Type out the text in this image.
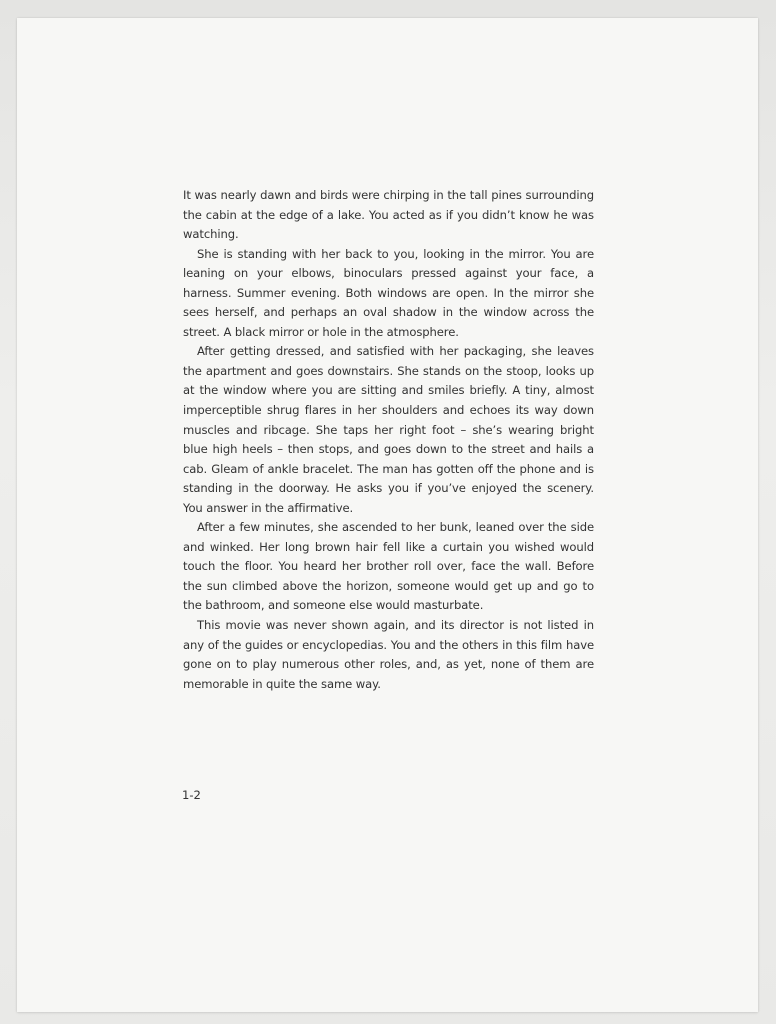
It was nearly dawn and birds were chirping in the tall pines surrounding the cabin at the edge of a lake. You acted as if you didn’t know he was watching.

She is standing with her back to you, looking in the mirror. You are leaning on your elbows, binoculars pressed against your face, a harness. Summer evening. Both windows are open. In the mirror she sees herself, and perhaps an oval shadow in the window across the street. A black mirror or hole in the atmosphere.

After getting dressed, and satisfied with her packaging, she leaves the apartment and goes downstairs. She stands on the stoop, looks up at the window where you are sitting and smiles briefly. A tiny, almost imperceptible shrug flares in her shoulders and echoes its way down muscles and ribcage. She taps her right foot – she’s wearing bright blue high heels – then stops, and goes down to the street and hails a cab. Gleam of ankle bracelet. The man has gotten off the phone and is standing in the doorway. He asks you if you’ve enjoyed the scenery. You answer in the affirmative.

After a few minutes, she ascended to her bunk, leaned over the side and winked. Her long brown hair fell like a curtain you wished would touch the floor. You heard her brother roll over, face the wall. Before the sun climbed above the horizon, someone would get up and go to the bathroom, and someone else would masturbate.

This movie was never shown again, and its director is not listed in any of the guides or encyclopedias. You and the others in this film have gone on to play numerous other roles, and, as yet, none of them are memorable in quite the same way.

1-2
